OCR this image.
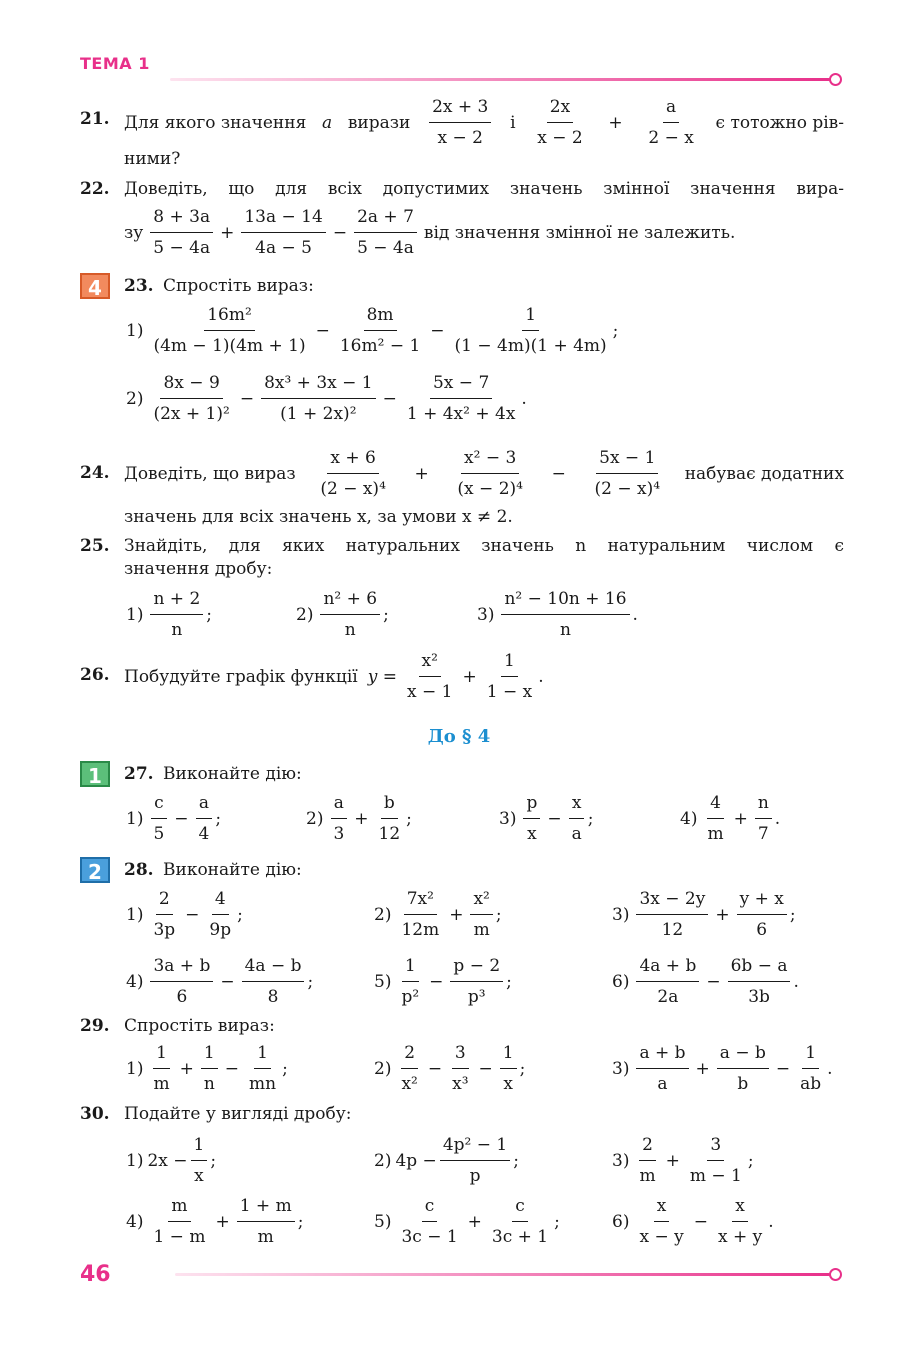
ТЕМА 1
21. Для якого значення a вирази $\frac{2x + 3}{x - 2}$ і $\frac{2x}{x - 2} + \frac{a}{2 - x}$ є тотожно рів-
ними?
22. Доведіть, що для всіх допустимих значень змінної значення вира-
зу $\frac{8 + 3a}{5 - 4a} + \frac{13a - 14}{4a - 5} - \frac{2a + 7}{5 - 4a}$ від значення змінної не залежить.
4	23. Спростіть вираз:
$1) \frac{\text{16m²}}{(4m - 1)(4m + 1)} - \frac{8m}{\text{16m² − 1}} - \frac{1}{(1 - 4m)(1 + 4m)}$ ;
$2) \frac{8x - 9}{\text{(2x + 1)²}} - \frac{\text{8x³ + 3x − 1}}{\text{(1 + 2x)²}} - \frac{5x - 7}{\text{1 + 4x² + 4x}}$ .
24. Доведіть, що вираз $\frac{x + 6}{\text{(2 − x)⁴}} + \frac{\text{x² − 3}}{\text{(x − 2)⁴}} - \frac{5x - 1}{\text{(2 − x)⁴}}$ набуває додатних
значень для всіх значень x, за умови x ≠ 2.
25. Знайдіть, для яких натуральних значень n натуральним числом є
значення дробу:
$1) \frac{n + 2}{n}$ ;	$2) \frac{\text{n² + 6}}{n}$ ;	$3) \frac{\text{n² − 10n + 16}}{n}$ .
26. Побудуйте графік функції $y = \frac{\text{x²}}{x - 1} + \frac{1}{1 - x}$ .
До § 4
1	27. Виконайте дію:
$1) \frac{c}{5} - \frac{a}{4}$ ;	$2) \frac{a}{3} + \frac{b}{12}$ ;	$3) \frac{p}{x} - \frac{x}{a}$ ;	$4) \frac{4}{m} + \frac{n}{7}$ .
2	28. Виконайте дію:
$1) \frac{2}{3p} - \frac{4}{9p}$ ;	$2) \frac{\text{7x²}}{12m} + \frac{\text{x²}}{m}$ ;	$3) \frac{3x - 2y}{12} + \frac{y + x}{6}$ ;
$4) \frac{3a + b}{6} - \frac{4a - b}{8}$ ;	$5) \frac{1}{\text{p²}} - \frac{p - 2}{\text{p³}}$ ;	$6) \frac{4a + b}{2a} - \frac{6b - a}{3b}$ .
29. Спростіть вираз:
$1) \frac{1}{m} + \frac{1}{n} - \frac{1}{mn}$ ;	$2) \frac{2}{\text{x²}} - \frac{3}{\text{x³}} - \frac{1}{x}$ ;	$3) \frac{a + b}{a} + \frac{a - b}{b} - \frac{1}{ab}$ .
30. Подайте у вигляді дробу:
1) $2x - \frac{1}{x}$ ;	2) $4p - \frac{\text{4p² − 1}}{p}$ ;	$3) \frac{2}{m} + \frac{3}{m - 1}$ ;
$4) \frac{m}{1 - m} + \frac{1 + m}{m}$ ;	$5) \frac{c}{3c - 1} + \frac{c}{3c + 1}$ ;	$6) \frac{x}{x - y} - \frac{x}{x + y}$ .
46
